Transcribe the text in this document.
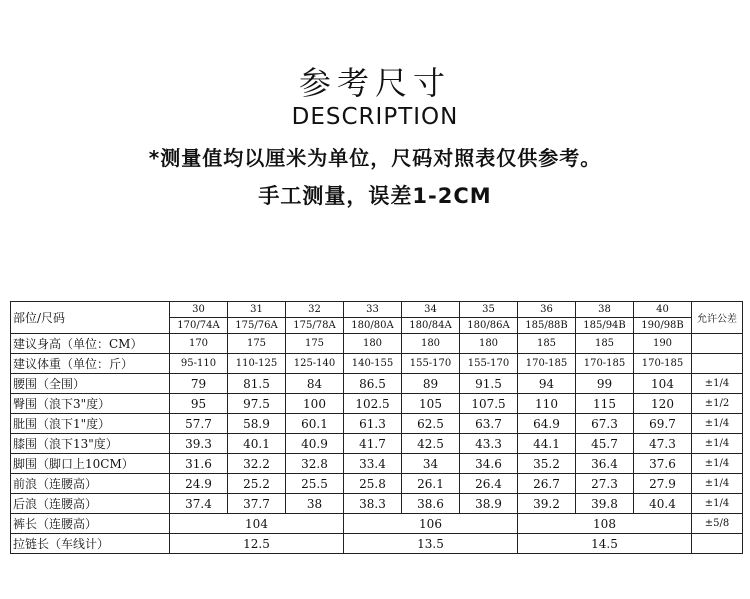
参考尺寸
DESCRIPTION
*测量值均以厘米为单位，尺码对照表仅供参考。
手工测量，误差1-2CM
部位/尺码	30	31	32	33	34	35	36	38	40	允许公差
	170/74A	175/76A	175/78A	180/80A	180/84A	180/86A	185/88B	185/94B	190/98B	
建议身高（单位：CM）	170	175	175	180	180	180	185	185	190	
建议体重（单位：斤）	95-110	110-125	125-140	140-155	155-170	155-170	170-185	170-185	170-185	
腰围（全围）	79	81.5	84	86.5	89	91.5	94	99	104	±1/4
臀围（浪下3"度）	95	97.5	100	102.5	105	107.5	110	115	120	±1/2
肶围（浪下1"度）	57.7	58.9	60.1	61.3	62.5	63.7	64.9	67.3	69.7	±1/4
膝围（浪下13"度）	39.3	40.1	40.9	41.7	42.5	43.3	44.1	45.7	47.3	±1/4
脚围（脚口上10CM）	31.6	32.2	32.8	33.4	34	34.6	35.2	36.4	37.6	±1/4
前浪（连腰高）	24.9	25.2	25.5	25.8	26.1	26.4	26.7	27.3	27.9	±1/4
后浪（连腰高）	37.4	37.7	38	38.3	38.6	38.9	39.2	39.8	40.4	±1/4
裤长（连腰高）	104			106			108			±5/8
拉链长（车线计）	12.5			13.5			14.5			
